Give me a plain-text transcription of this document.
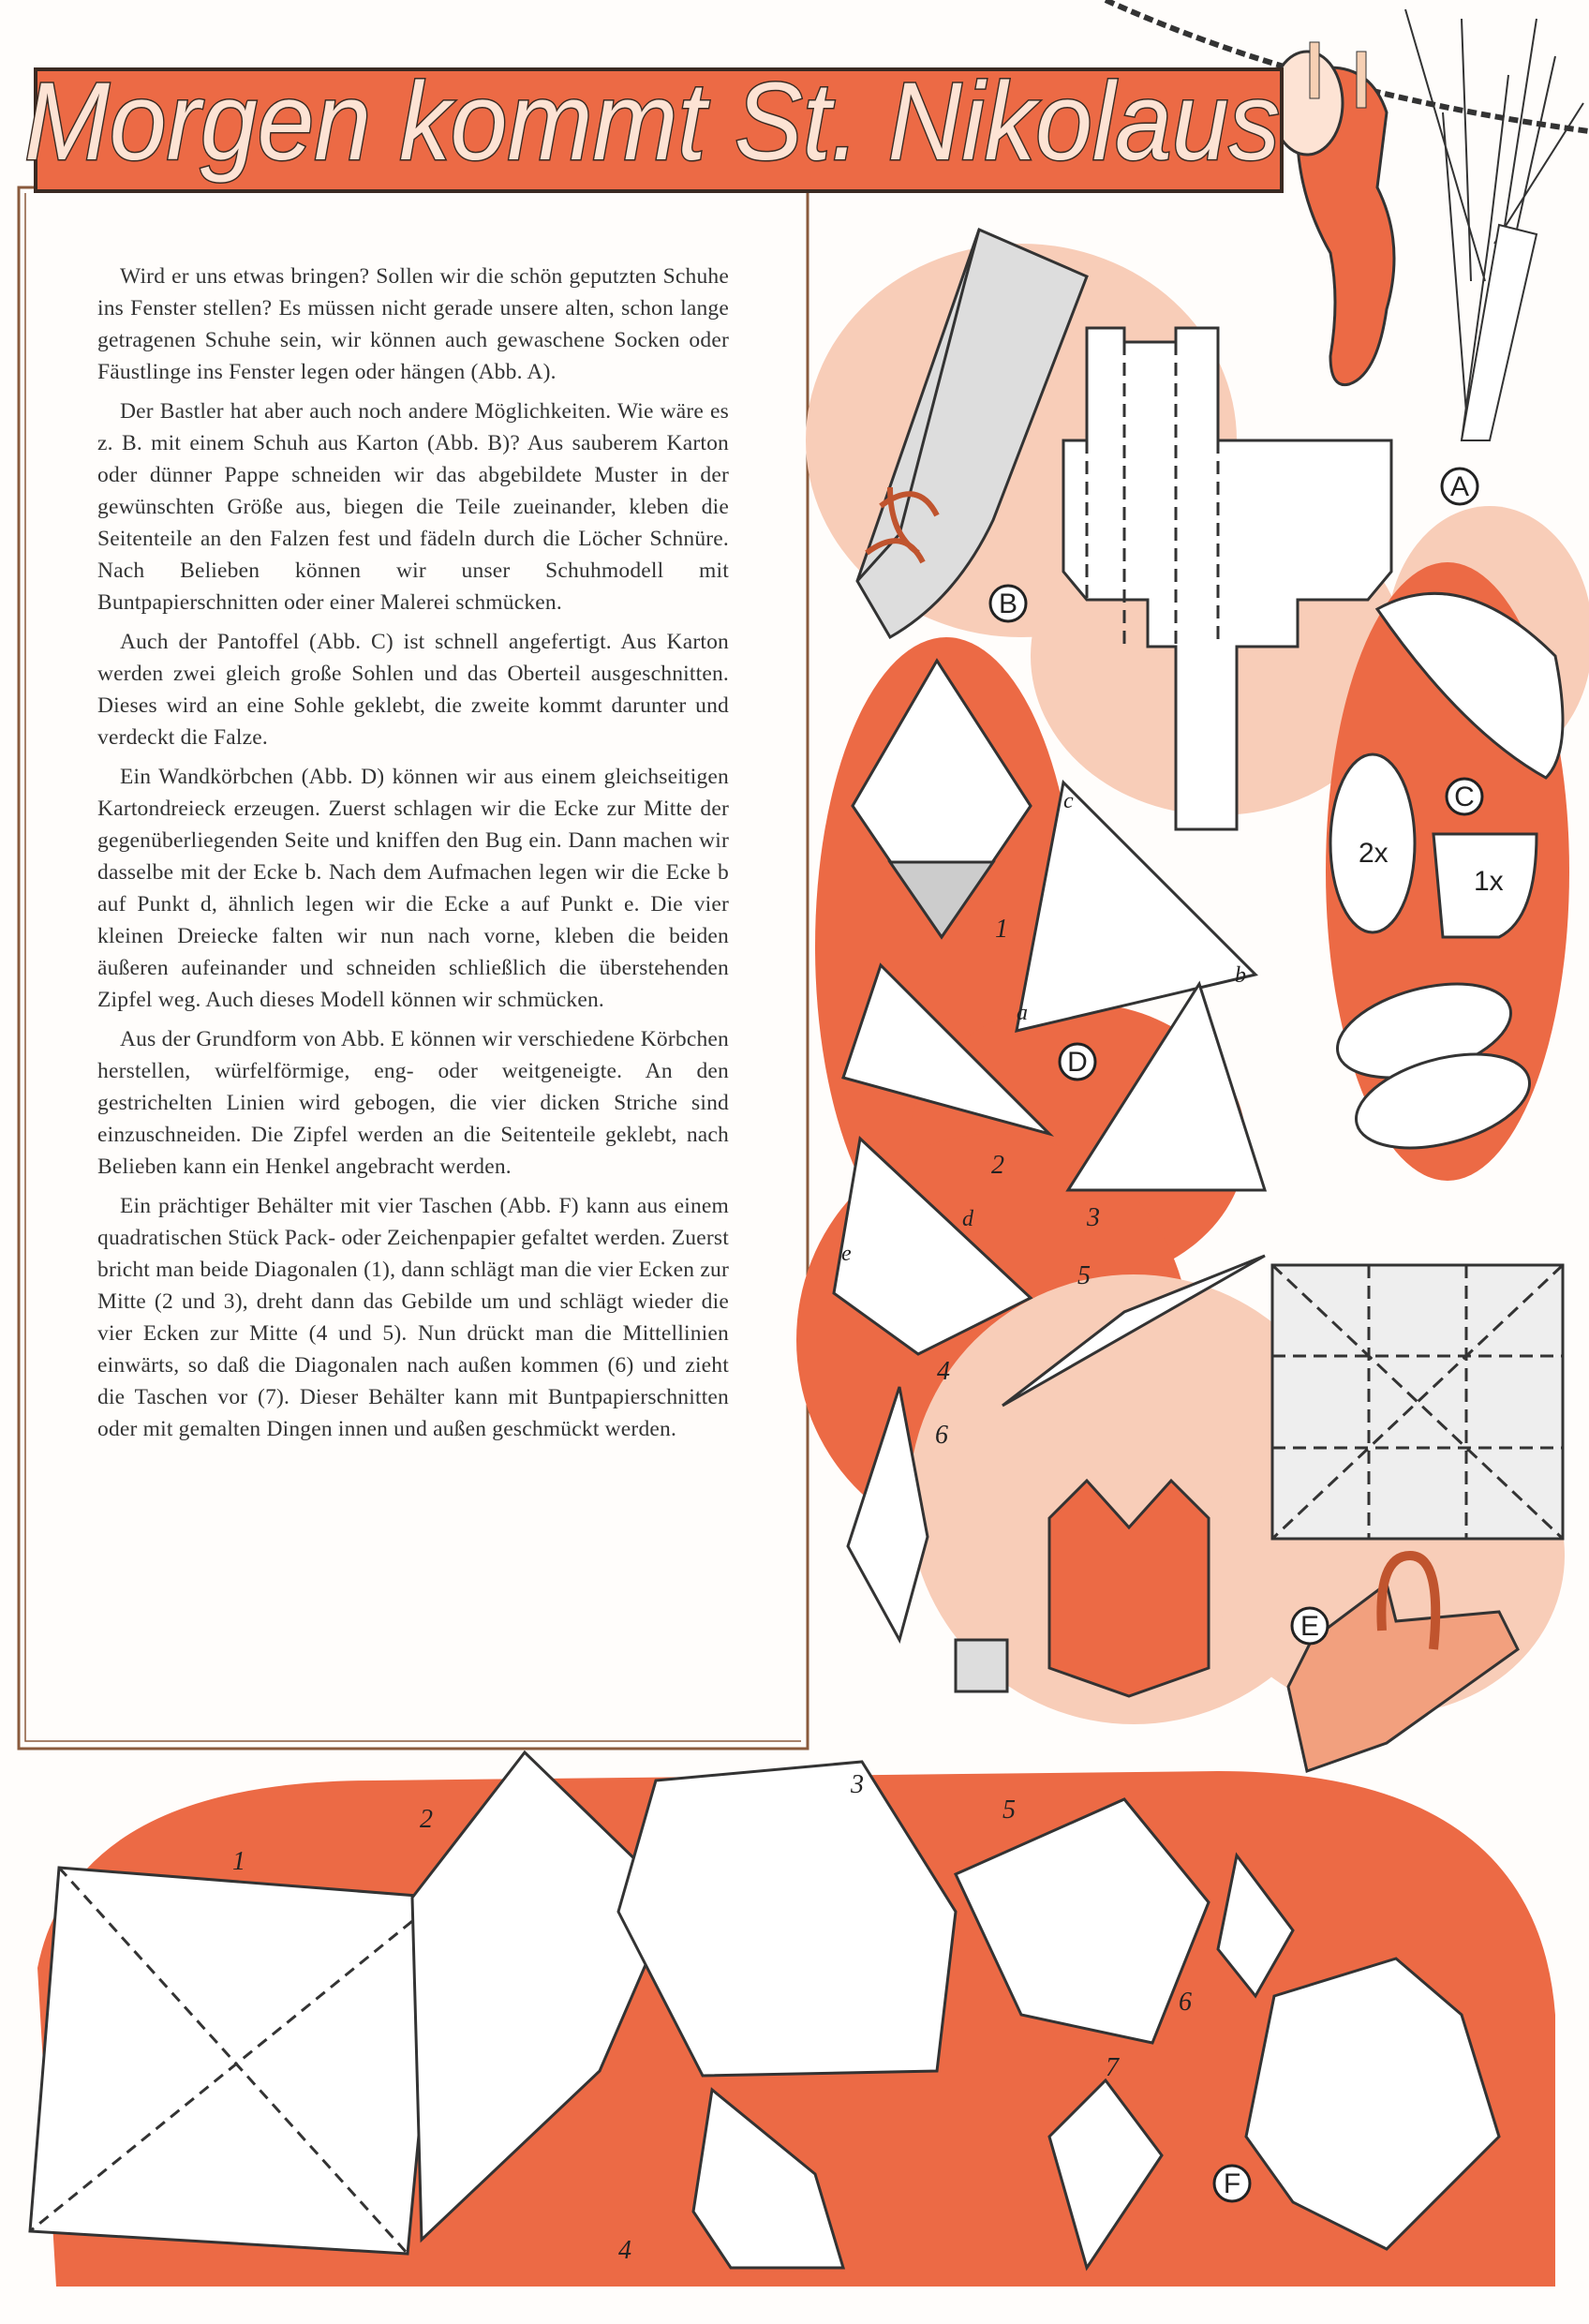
Morgen kommt St. Nikolaus
2x
1x
1
2
3
4
5
6
a
b
c
d
e
1
2
3
4
5
6
7
A
B
C
D
E
F

Wird er uns etwas bringen? Sollen wir die schön geputzten Schuhe ins Fenster stellen? Es müssen nicht gerade unsere alten, schon lange getragenen Schuhe sein, wir können auch gewaschene Socken oder Fäustlinge ins Fenster legen oder hängen (Abb. A).

Der Bastler hat aber auch noch andere Möglichkeiten. Wie wäre es z. B. mit einem Schuh aus Karton (Abb. B)? Aus sauberem Karton oder dünner Pappe schneiden wir das abgebildete Muster in der gewünschten Größe aus, biegen die Teile zueinander, kleben die Seitenteile an den Falzen fest und fädeln durch die Löcher Schnüre. Nach Belieben können wir unser Schuhmodell mit Buntpapierschnitten oder einer Malerei schmücken.

Auch der Pantoffel (Abb. C) ist schnell angefertigt. Aus Karton werden zwei gleich große Sohlen und das Oberteil ausgeschnitten. Dieses wird an eine Sohle geklebt, die zweite kommt darunter und verdeckt die Falze.

Ein Wandkörbchen (Abb. D) können wir aus einem gleichseitigen Kartondreieck erzeugen. Zuerst schlagen wir die Ecke zur Mitte der gegenüberliegenden Seite und kniffen den Bug ein. Dann machen wir dasselbe mit der Ecke b. Nach dem Aufmachen legen wir die Ecke b auf Punkt d, ähnlich legen wir die Ecke a auf Punkt e. Die vier kleinen Dreiecke falten wir nun nach vorne, kleben die beiden äußeren aufeinander und schneiden schließlich die überstehenden Zipfel weg. Auch dieses Modell können wir schmücken.

Aus der Grundform von Abb. E können wir verschiedene Körbchen herstellen, würfelförmige, eng- oder weitgeneigte. An den gestrichelten Linien wird gebogen, die vier dicken Striche sind einzuschneiden. Die Zipfel werden an die Seitenteile geklebt, nach Belieben kann ein Henkel angebracht werden.

Ein prächtiger Behälter mit vier Taschen (Abb. F) kann aus einem quadratischen Stück Pack- oder Zeichenpapier gefaltet werden. Zuerst bricht man beide Diagonalen (1), dann schlägt man die vier Ecken zur Mitte (2 und 3), dreht dann das Gebilde um und schlägt wieder die vier Ecken zur Mitte (4 und 5). Nun drückt man die Mittellinien einwärts, so daß die Diagonalen nach außen kommen (6) und zieht die Taschen vor (7). Dieser Behälter kann mit Buntpapierschnitten oder mit gemalten Dingen innen und außen geschmückt werden.
